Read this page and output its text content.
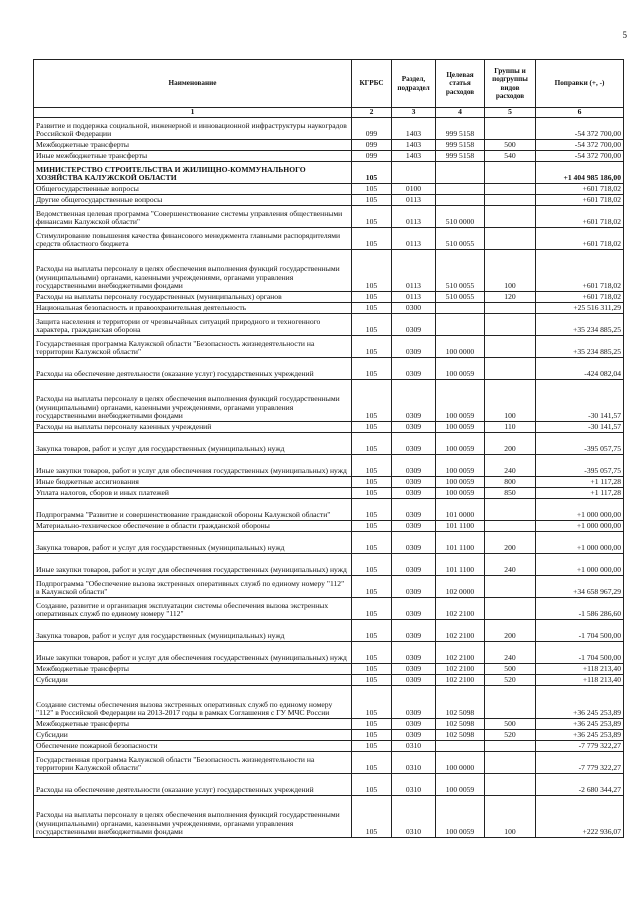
5
Наименование	КГРБС	Раздел, подраздел	Целевая статья расходов	Группы и подгруппы видов расходов	Поправки (+, -)
1	2	3	4	5	6
Развитие и поддержка социальной, инженерной и инновационной инфраструктуры наукоградов Российской Федерации	099	1403	999 5158		-54 372 700,00
Межбюджетные трансферты	099	1403	999 5158	500	-54 372 700,00
Иные межбюджетные трансферты	099	1403	999 5158	540	-54 372 700,00
МИНИСТЕРСТВО СТРОИТЕЛЬСТВА И ЖИЛИЩНО-КОММУНАЛЬНОГО ХОЗЯЙСТВА КАЛУЖСКОЙ ОБЛАСТИ	105				+1 404 985 186,00
Общегосударственные вопросы	105	0100			+601 718,02
Другие общегосударственные вопросы	105	0113			+601 718,02
Ведомственная целевая программа "Совершенствование системы управления общественными финансами Калужской области"	105	0113	510 0000		+601 718,02
Стимулирование повышения качества финансового менеджмента главными распорядителями средств областного бюджета	105	0113	510 0055		+601 718,02
Расходы на выплаты персоналу в целях обеспечения выполнения функций государственными (муниципальными) органами, казенными учреждениями, органами управления государственными внебюджетными фондами	105	0113	510 0055	100	+601 718,02
Расходы на выплаты персоналу государственных (муниципальных) органов	105	0113	510 0055	120	+601 718,02
Национальная безопасность и правоохранительная деятельность	105	0300			+25 516 311,29
Защита населения и территории от чрезвычайных ситуаций природного и техногенного характера, гражданская оборона	105	0309			+35 234 885,25
Государственная программа Калужской области "Безопасность жизнедеятельности на территории Калужской области"	105	0309	100 0000		+35 234 885,25
Расходы на обеспечение деятельности (оказание услуг) государственных учреждений	105	0309	100 0059		-424 082,04
Расходы на выплаты персоналу в целях обеспечения выполнения функций государственными (муниципальными) органами, казенными учреждениями, органами управления государственными внебюджетными фондами	105	0309	100 0059	100	-30 141,57
Расходы на выплаты персоналу казенных учреждений	105	0309	100 0059	110	-30 141,57
Закупка товаров, работ и услуг для государственных (муниципальных) нужд	105	0309	100 0059	200	-395 057,75
Иные закупки товаров, работ и услуг для обеспечения государственных (муниципальных) нужд	105	0309	100 0059	240	-395 057,75
Иные бюджетные ассигнования	105	0309	100 0059	800	+1 117,28
Уплата налогов, сборов и иных платежей	105	0309	100 0059	850	+1 117,28
Подпрограмма "Развитие и совершенствование гражданской обороны Калужской области"	105	0309	101 0000		+1 000 000,00
Материально-техническое обеспечение в области гражданской обороны	105	0309	101 1100		+1 000 000,00
Закупка товаров, работ и услуг для государственных (муниципальных) нужд	105	0309	101 1100	200	+1 000 000,00
Иные закупки товаров, работ и услуг для обеспечения государственных (муниципальных) нужд	105	0309	101 1100	240	+1 000 000,00
Подпрограмма "Обеспечение вызова экстренных оперативных служб по единому номеру "112" в Калужской области"	105	0309	102 0000		+34 658 967,29
Создание, развитие и организация эксплуатации системы обеспечения вызова экстренных оперативных служб по единому номеру "112"	105	0309	102 2100		-1 586 286,60
Закупка товаров, работ и услуг для государственных (муниципальных) нужд	105	0309	102 2100	200	-1 704 500,00
Иные закупки товаров, работ и услуг для обеспечения государственных (муниципальных) нужд	105	0309	102 2100	240	-1 704 500,00
Межбюджетные трансферты	105	0309	102 2100	500	+118 213,40
Субсидии	105	0309	102 2100	520	+118 213,40
Создание системы обеспечения вызова экстренных оперативных служб по единому номеру "112" в Российской Федерации на 2013-2017 годы в рамках Соглашения с ГУ МЧС России	105	0309	102 5098		+36 245 253,89
Межбюджетные трансферты	105	0309	102 5098	500	+36 245 253,89
Субсидии	105	0309	102 5098	520	+36 245 253,89
Обеспечение пожарной безопасности	105	0310			-7 779 322,27
Государственная программа Калужской области "Безопасность жизнедеятельности на территории Калужской области"	105	0310	100 0000		-7 779 322,27
Расходы на обеспечение деятельности (оказание услуг) государственных учреждений	105	0310	100 0059		-2 680 344,27
Расходы на выплаты персоналу в целях обеспечения выполнения функций государственными (муниципальными) органами, казенными учреждениями, органами управления государственными внебюджетными фондами	105	0310	100 0059	100	+222 936,07
